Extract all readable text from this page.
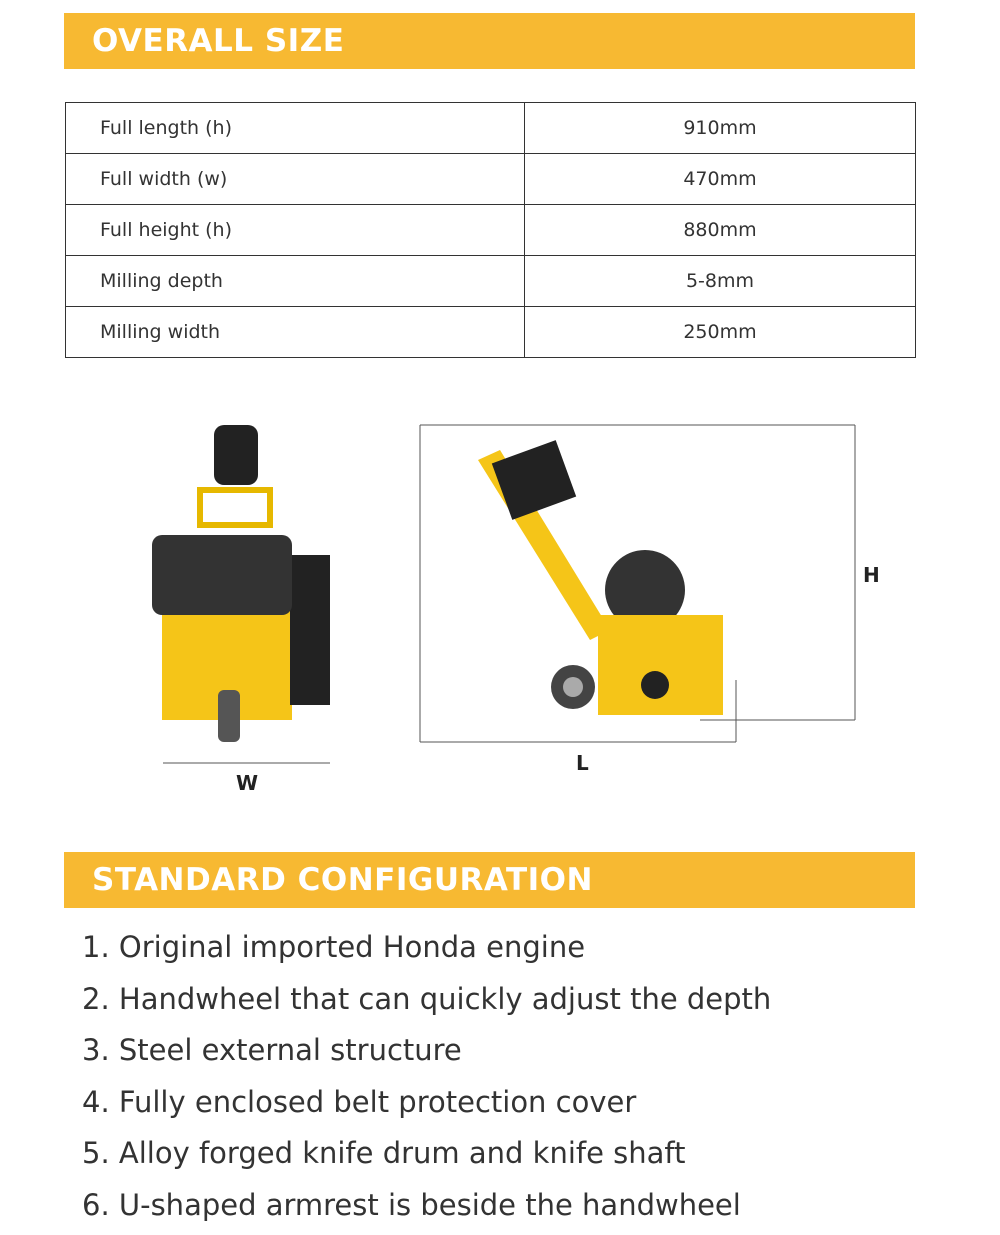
OVERALL SIZE
Full length (h)	910mm
Full width (w)	470mm
Full height (h)	880mm
Milling depth	5-8mm
Milling width	250mm
W
L
H
STANDARD CONFIGURATION
1. Original imported Honda engine
2. Handwheel that can quickly adjust the depth
3. Steel external structure
4. Fully enclosed belt protection cover
5. Alloy forged knife drum and knife shaft
6. U-shaped armrest is beside the handwheel
